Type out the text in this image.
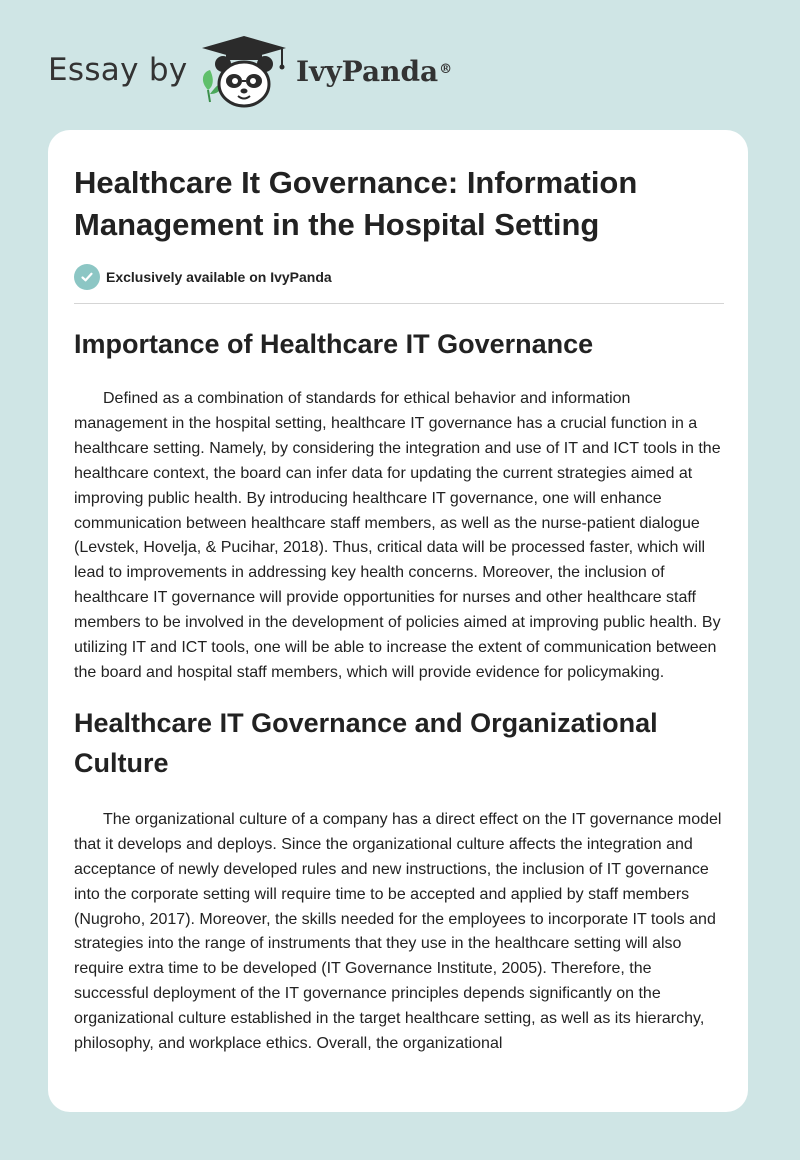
Essay by	IvyPanda®
Healthcare It Governance: Information Management in the Hospital Setting
Exclusively available on IvyPanda
Importance of Healthcare IT Governance

Defined as a combination of standards for ethical behavior and information management in the hospital setting, healthcare IT governance has a crucial function in a healthcare setting. Namely, by considering the integration and use of IT and ICT tools in the healthcare context, the board can infer data for updating the current strategies aimed at improving public health. By introducing healthcare IT governance, one will enhance communication between healthcare staff members, as well as the nurse-patient dialogue (Levstek, Hovelja, & Pucihar, 2018). Thus, critical data will be processed faster, which will lead to improvements in addressing key health concerns. Moreover, the inclusion of healthcare IT governance will provide opportunities for nurses and other healthcare staff members to be involved in the development of policies aimed at improving public health. By utilizing IT and ICT tools, one will be able to increase the extent of communication between the board and hospital staff members, which will provide evidence for policymaking.

Healthcare IT Governance and Organizational Culture

The organizational culture of a company has a direct effect on the IT governance model that it develops and deploys. Since the organizational culture affects the integration and acceptance of newly developed rules and new instructions, the inclusion of IT governance into the corporate setting will require time to be accepted and applied by staff members (Nugroho, 2017). Moreover, the skills needed for the employees to incorporate IT tools and strategies into the range of instruments that they use in the healthcare setting will also require extra time to be developed (IT Governance Institute, 2005). Therefore, the successful deployment of the IT governance principles depends significantly on the organizational culture established in the target healthcare setting, as well as its hierarchy, philosophy, and workplace ethics. Overall, the organizational
